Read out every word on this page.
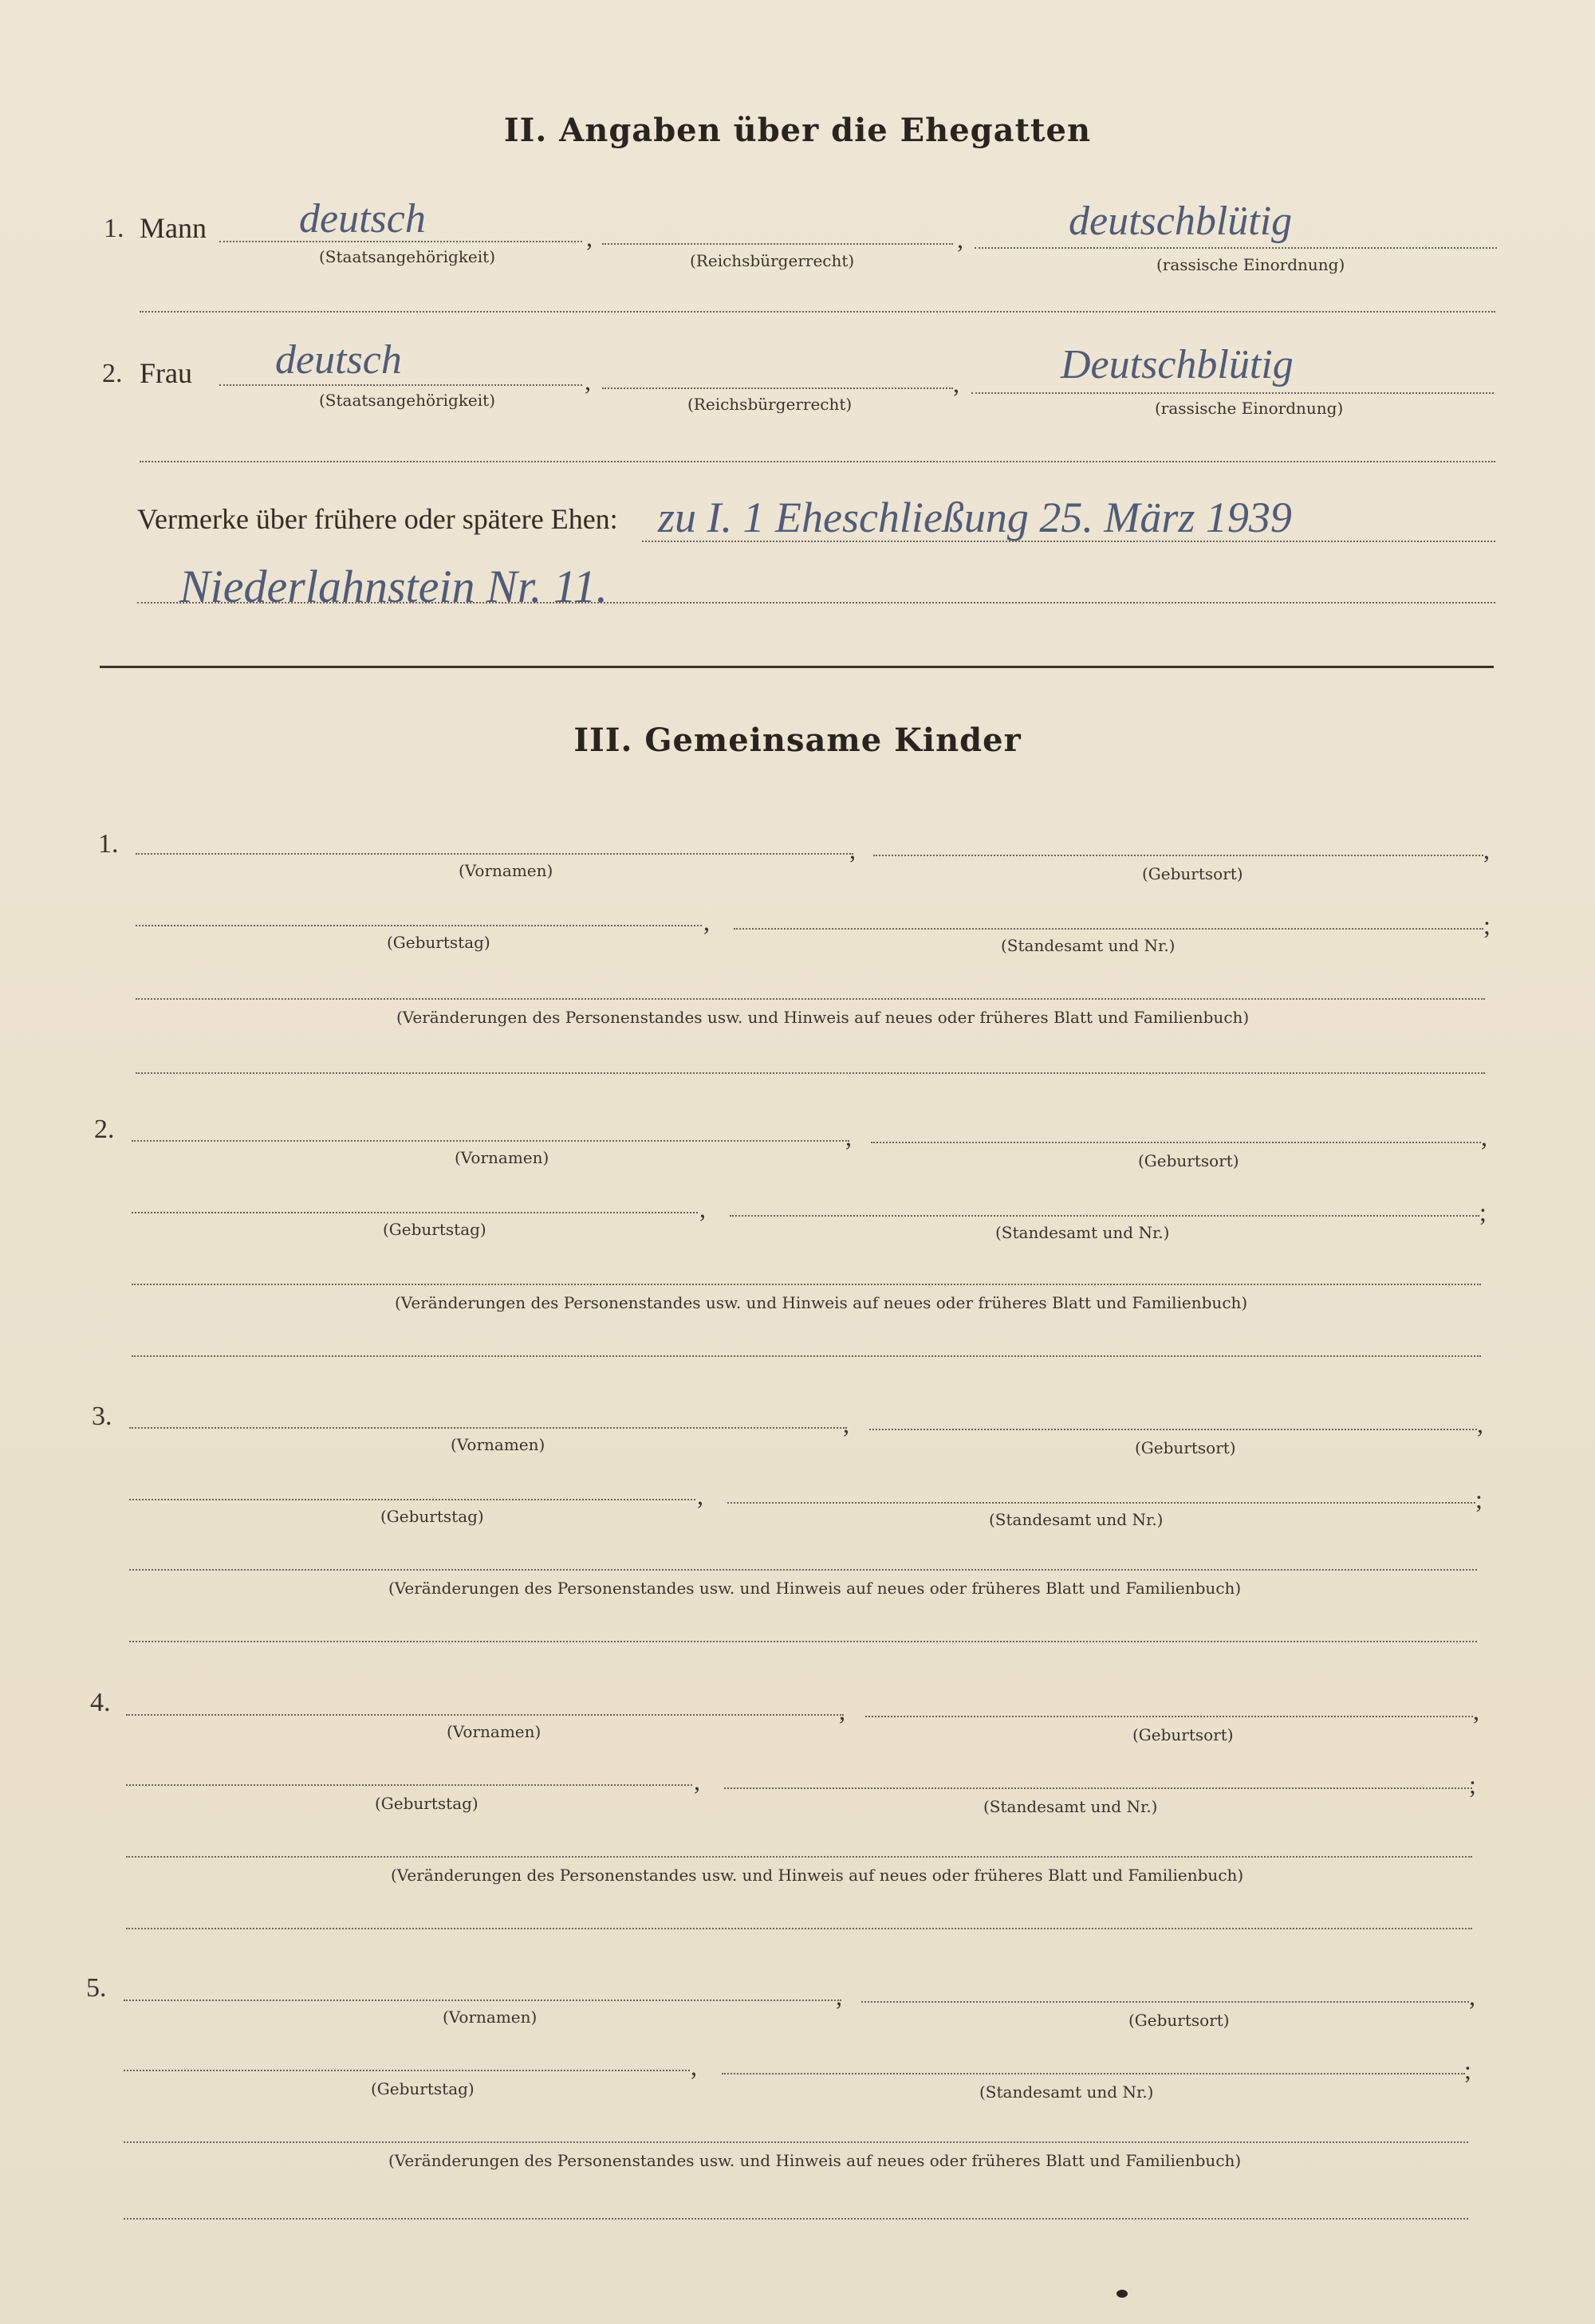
II. Angaben über die Ehegatten
1. Mann deutsch
(Staatsangehörigkeit)
,
(Reichsbürgerrecht)
,	deutschblütig
(rassische Einordnung)
2. Frau deutsch
(Staatsangehörigkeit)
,
(Reichsbürgerrecht)
, Deutschblütig
(rassische Einordnung)
Vermerke über frühere oder spätere Ehen: zu I. 1 Eheschließung 25. März 1939
Niederlahnstein Nr. 11.
III. Gemeinsame Kinder
1.	,	,
(Vornamen)	(Geburtsort)
,	;
(Geburtstag)	(Standesamt und Nr.)
(Veränderungen des Personenstandes usw. und Hinweis auf neues oder früheres Blatt und Familienbuch)
2.	,	,
(Vornamen)	(Geburtsort)
,	;
(Geburtstag)	(Standesamt und Nr.)
(Veränderungen des Personenstandes usw. und Hinweis auf neues oder früheres Blatt und Familienbuch)
3.	,	,
(Vornamen)	(Geburtsort)
,	;
(Geburtstag)	(Standesamt und Nr.)
(Veränderungen des Personenstandes usw. und Hinweis auf neues oder früheres Blatt und Familienbuch)
4.	,	,
(Vornamen)	(Geburtsort)
,	;
(Geburtstag)	(Standesamt und Nr.)
(Veränderungen des Personenstandes usw. und Hinweis auf neues oder früheres Blatt und Familienbuch)
5.	,	,
(Vornamen)	(Geburtsort)
,	;
(Geburtstag)	(Standesamt und Nr.)
(Veränderungen des Personenstandes usw. und Hinweis auf neues oder früheres Blatt und Familienbuch)
